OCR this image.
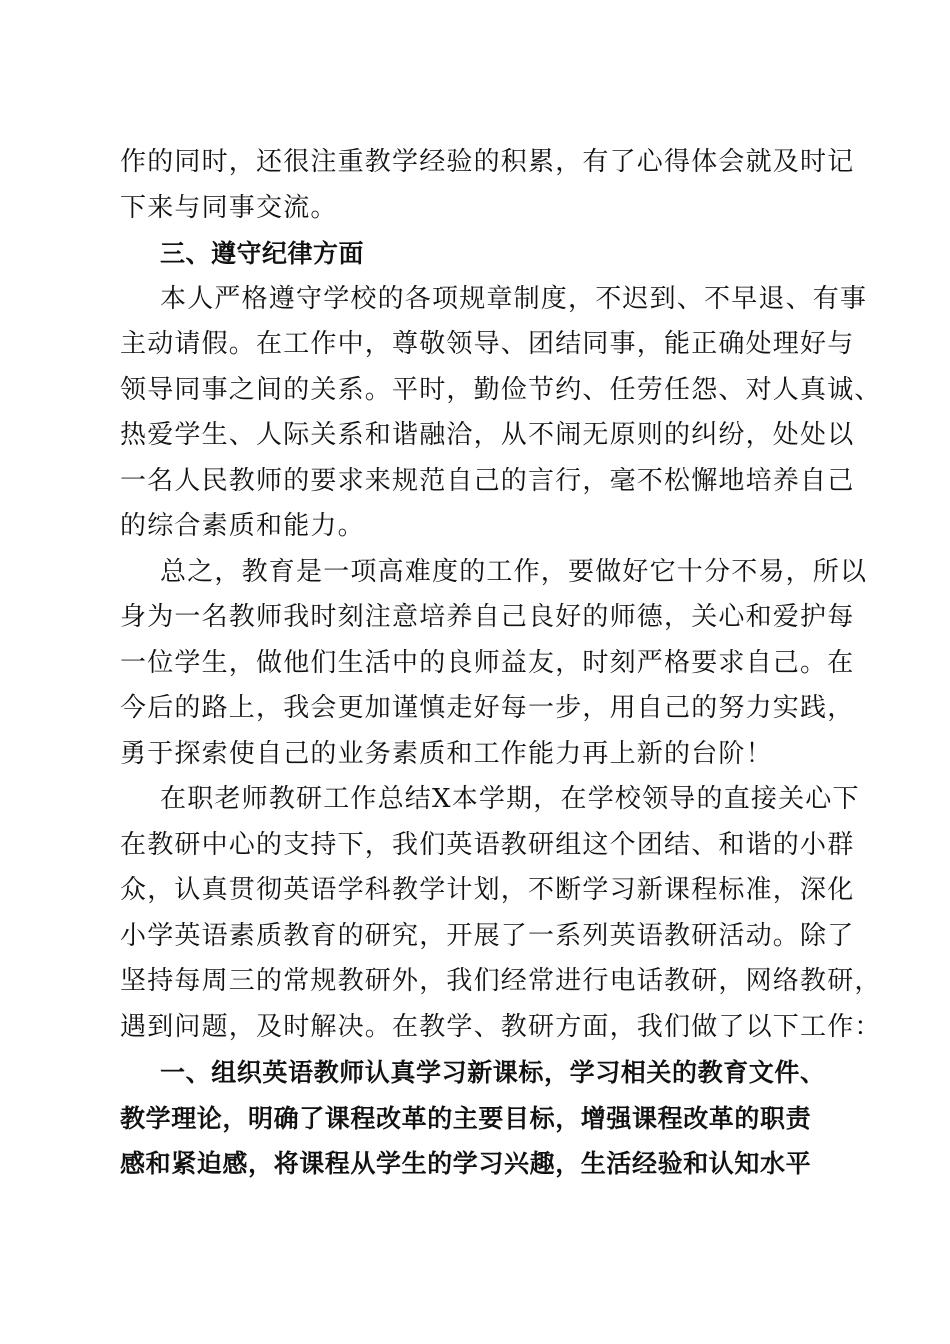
作的同时，还很注重教学经验的积累，有了心得体会就及时记
下来与同事交流。
三、遵守纪律方面
本人严格遵守学校的各项规章制度，不迟到、不早退、有事
主动请假。在工作中，尊敬领导、团结同事，能正确处理好与
领导同事之间的关系。平时，勤俭节约、任劳任怨、对人真诚、
热爱学生、人际关系和谐融洽，从不闹无原则的纠纷，处处以
一名人民教师的要求来规范自己的言行，毫不松懈地培养自己
的综合素质和能力。
总之，教育是一项高难度的工作，要做好它十分不易，所以
身为一名教师我时刻注意培养自己良好的师德，关心和爱护每
一位学生，做他们生活中的良师益友，时刻严格要求自己。在
今后的路上，我会更加谨慎走好每一步，用自己的努力实践，
勇于探索使自己的业务素质和工作能力再上新的台阶！
在职老师教研工作总结X本学期，在学校领导的直接关心下
在教研中心的支持下，我们英语教研组这个团结、和谐的小群
众，认真贯彻英语学科教学计划，不断学习新课程标准，深化
小学英语素质教育的研究，开展了一系列英语教研活动。除了
坚持每周三的常规教研外，我们经常进行电话教研，网络教研，
遇到问题，及时解决。在教学、教研方面，我们做了以下工作：
一、组织英语教师认真学习新课标，学习相关的教育文件、
教学理论，明确了课程改革的主要目标，增强课程改革的职责
感和紧迫感，将课程从学生的学习兴趣，生活经验和认知水平
